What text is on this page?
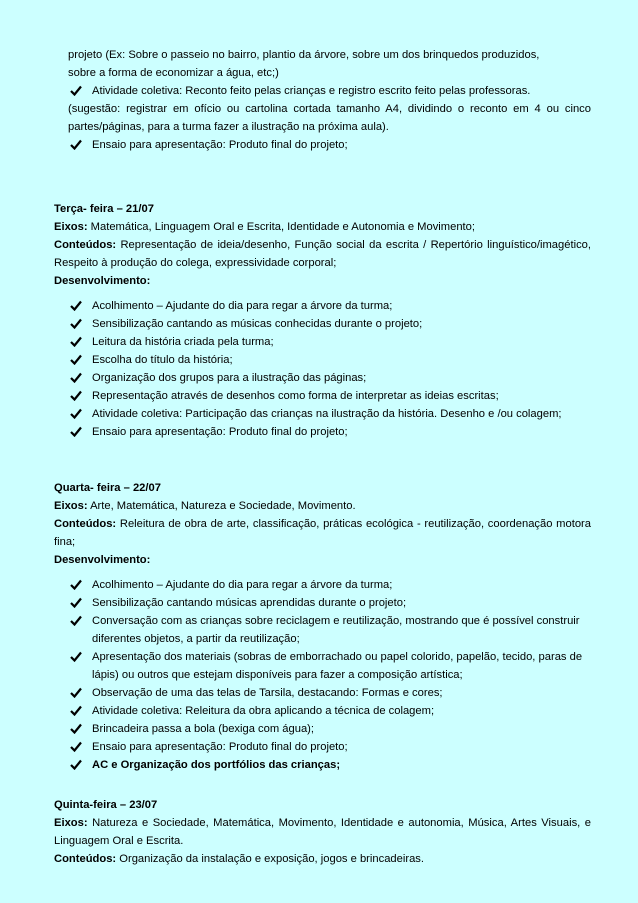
projeto (Ex: Sobre o passeio no bairro, plantio da árvore, sobre um dos brinquedos produzidos,

sobre a forma de economizar a água, etc;)

Atividade coletiva: Reconto feito pelas crianças e registro escrito feito pelas professoras.

(sugestão: registrar em ofício ou cartolina cortada tamanho A4, dividindo o reconto em 4 ou cinco partes/páginas, para a turma fazer a ilustração na próxima aula).

Ensaio para apresentação: Produto final do projeto;

Terça- feira – 21/07

Eixos: Matemática, Linguagem Oral e Escrita, Identidade e Autonomia e Movimento;

Conteúdos: Representação de ideia/desenho, Função social da escrita / Repertório linguístico/imagético, Respeito à produção do colega, expressividade corporal;

Desenvolvimento:

Acolhimento – Ajudante do dia para regar a árvore da turma;
Sensibilização cantando as músicas conhecidas durante o projeto;
Leitura da história criada pela turma;
Escolha do título da história;
Organização dos grupos para a ilustração das páginas;
Representação através de desenhos como forma de interpretar as ideias escritas;
Atividade coletiva: Participação das crianças na ilustração da história. Desenho e /ou colagem;
Ensaio para apresentação: Produto final do projeto;

Quarta- feira – 22/07

Eixos: Arte, Matemática, Natureza e Sociedade, Movimento.

Conteúdos: Releitura de obra de arte, classificação, práticas ecológica - reutilização, coordenação motora fina;

Desenvolvimento:

Acolhimento – Ajudante do dia para regar a árvore da turma;
Sensibilização cantando músicas aprendidas durante o projeto;
Conversação com as crianças sobre reciclagem e reutilização, mostrando que é possível construir diferentes objetos, a partir da reutilização;
Apresentação dos materiais (sobras de emborrachado ou papel colorido, papelão, tecido, paras de lápis) ou outros que estejam disponíveis para fazer a composição artística;
Observação de uma das telas de Tarsila, destacando: Formas e cores;
Atividade coletiva: Releitura da obra aplicando a técnica de colagem;
Brincadeira passa a bola (bexiga com água);
Ensaio para apresentação: Produto final do projeto;
AC e Organização dos portfólios das crianças;

Quinta-feira – 23/07

Eixos: Natureza e Sociedade, Matemática, Movimento, Identidade e autonomia, Música, Artes Visuais, e Linguagem Oral e Escrita.

Conteúdos: Organização da instalação e exposição, jogos e brincadeiras.
